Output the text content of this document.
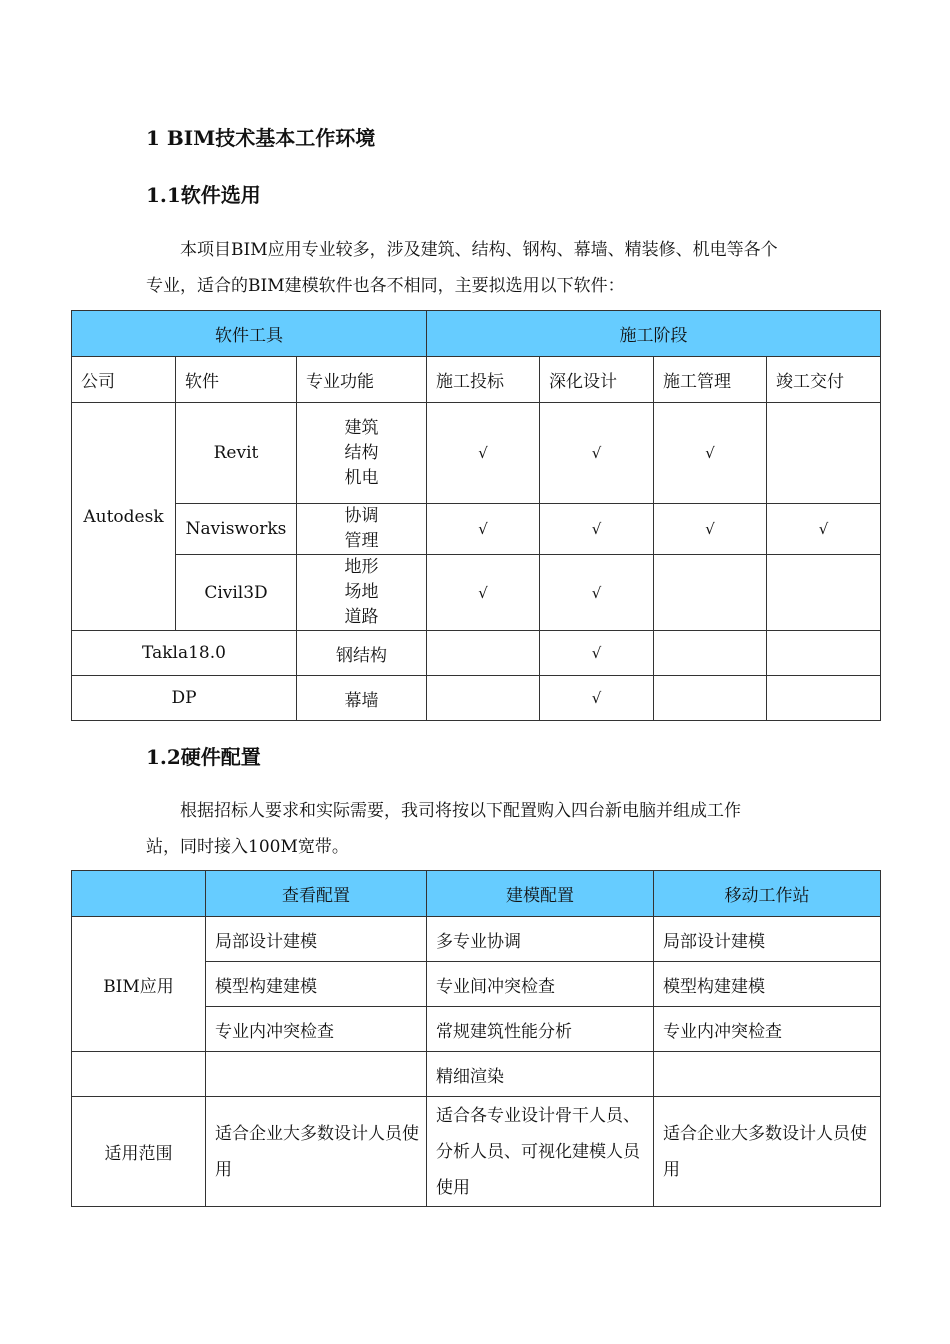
1 BIM技术基本工作环境
1.1软件选用
本项目BIM应用专业较多，涉及建筑、结构、钢构、幕墙、精装修、机电等各个
专业，适合的BIM建模软件也各不相同，主要拟选用以下软件：
软件工具			施工阶段			
公司	软件	专业功能	施工投标	深化设计	施工管理	竣工交付
Autodesk	Revit	建筑
结构
机电	√	√	√	
	Navisworks	协调
管理	√	√	√	√
	Civil3D	地形
场地
道路	√	√		
Takla18.0		钢结构		√		
DP		幕墙		√		
1.2硬件配置
根据招标人要求和实际需要，我司将按以下配置购入四台新电脑并组成工作
站，同时接入100M宽带。
	查看配置	建模配置	移动工作站
BIM应用	局部设计建模	多专业协调	局部设计建模
	模型构建建模	专业间冲突检查	模型构建建模
	专业内冲突检查	常规建筑性能分析	专业内冲突检查
		精细渲染	
适用范围	适合企业大多数设计人员使用	适合各专业设计骨干人员、分析人员、可视化建模人员使用	适合企业大多数设计人员使用
